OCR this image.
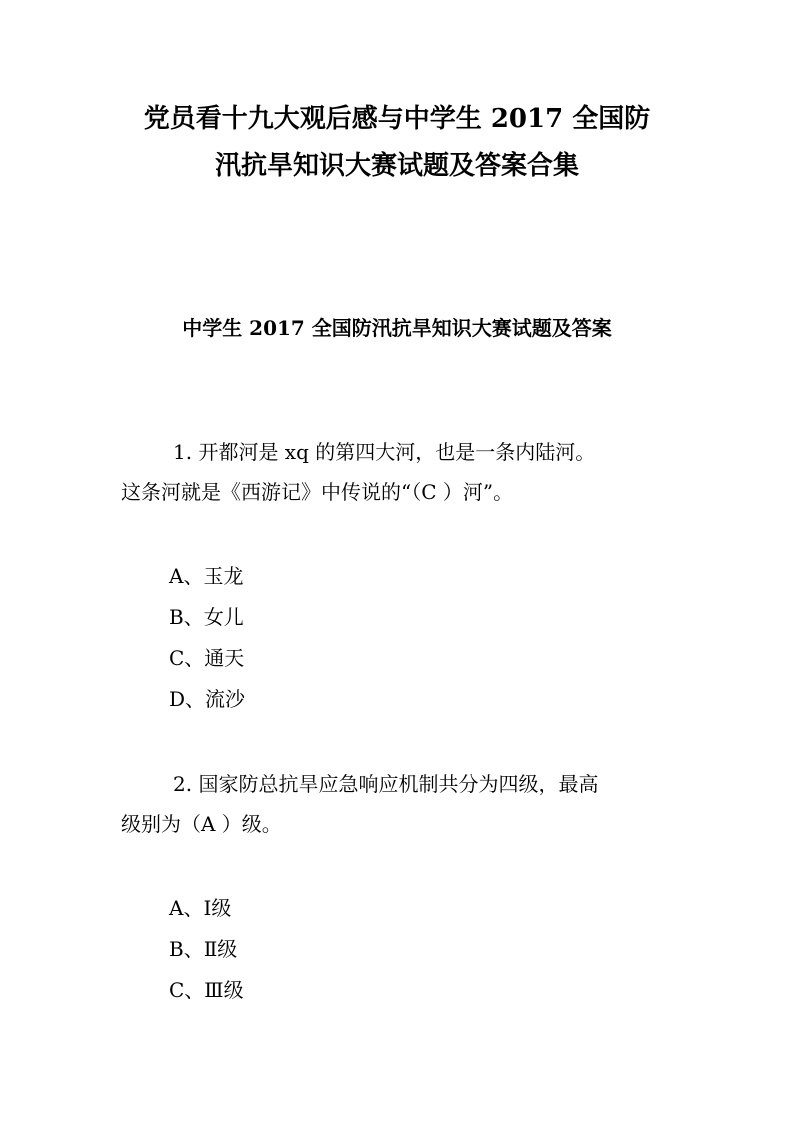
党员看十九大观后感与中学生 2017 全国防
汛抗旱知识大赛试题及答案合集
中学生 2017 全国防汛抗旱知识大赛试题及答案
1. 开都河是 xq 的第四大河，也是一条内陆河。
这条河就是《西游记》中传说的“（C ）河”。
A、玉龙
B、女儿
C、通天
D、流沙
2. 国家防总抗旱应急响应机制共分为四级，最高
级别为（A ）级。
A、Ⅰ级
B、Ⅱ级
C、Ⅲ级
